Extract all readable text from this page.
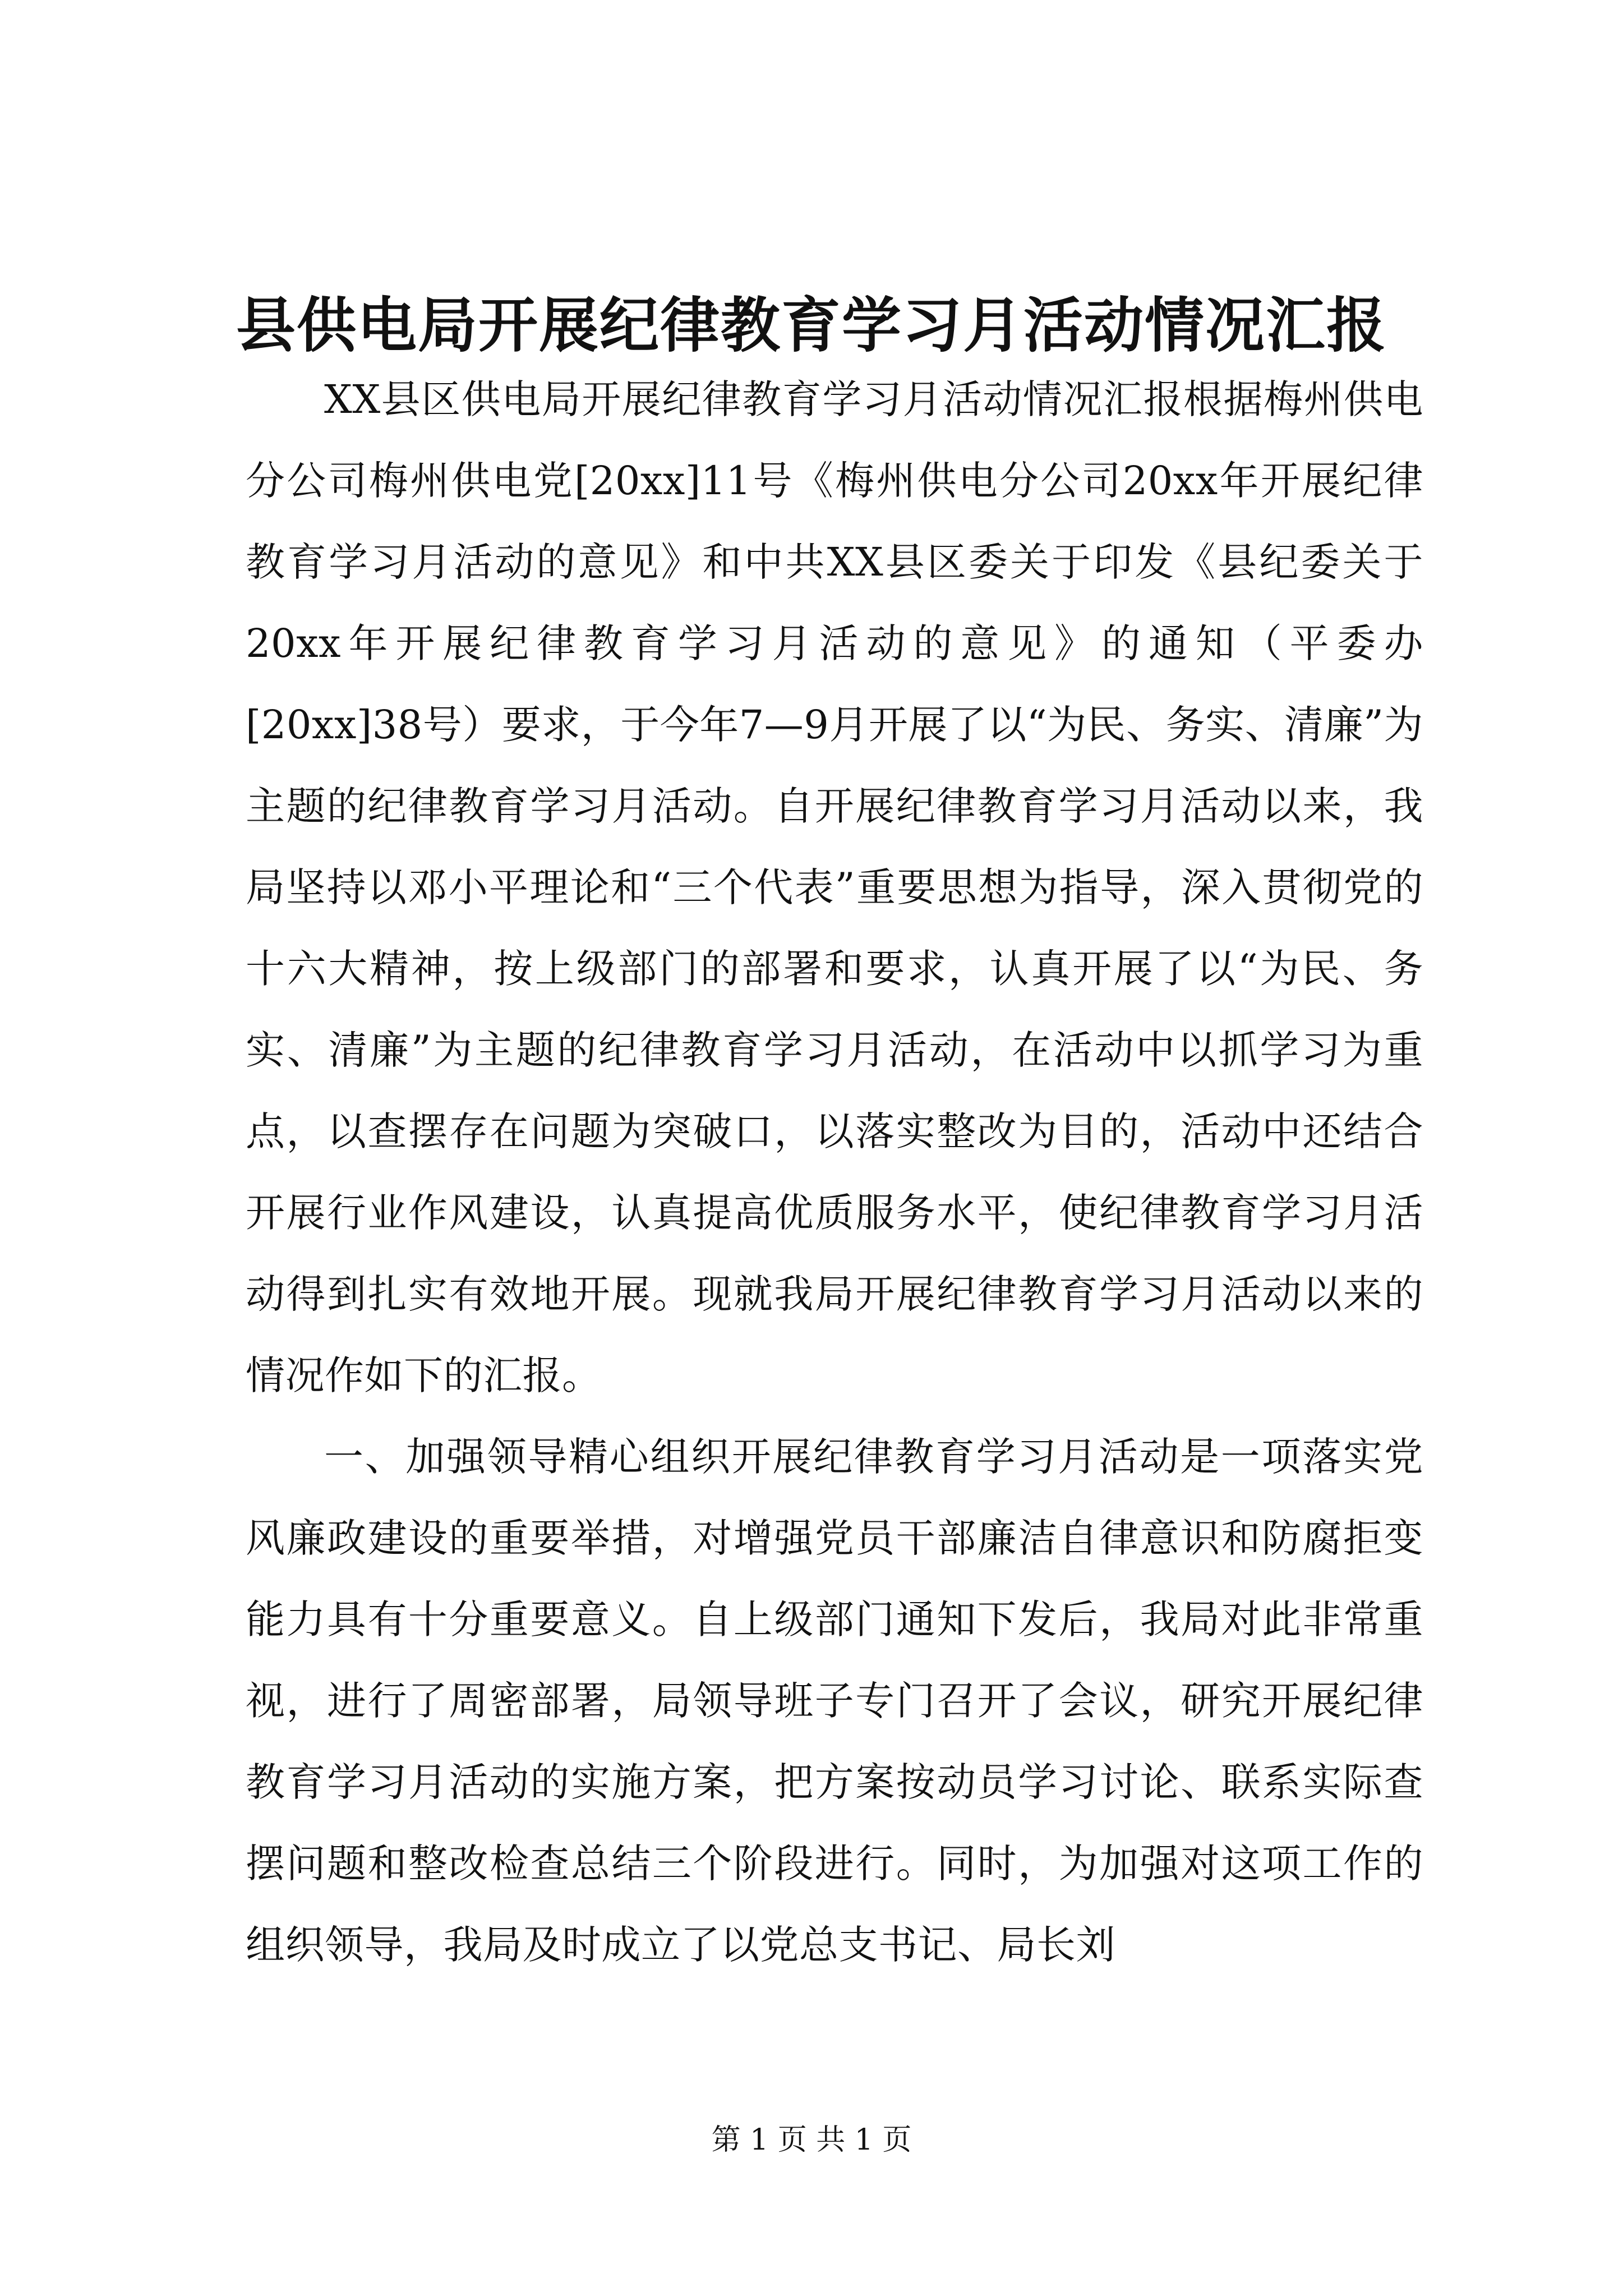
县供电局开展纪律教育学习月活动情况汇报

XX县区供电局开展纪律教育学习月活动情况汇报根据梅州供电分公司梅州供电党[20xx]11号《梅州供电分公司20xx年开展纪律教育学习月活动的意见》和中共XX县区委关于印发《县纪委关于20xx年开展纪律教育学习月活动的意见》的通知（平委办[20xx]38号）要求，于今年7—9月开展了以“为民、务实、清廉”为主题的纪律教育学习月活动。自开展纪律教育学习月活动以来，我局坚持以邓小平理论和“三个代表”重要思想为指导，深入贯彻党的十六大精神，按上级部门的部署和要求，认真开展了以“为民、务实、清廉”为主题的纪律教育学习月活动，在活动中以抓学习为重点，以查摆存在问题为突破口，以落实整改为目的，活动中还结合开展行业作风建设，认真提高优质服务水平，使纪律教育学习月活动得到扎实有效地开展。现就我局开展纪律教育学习月活动以来的情况作如下的汇报。

一、加强领导精心组织开展纪律教育学习月活动是一项落实党风廉政建设的重要举措，对增强党员干部廉洁自律意识和防腐拒变能力具有十分重要意义。自上级部门通知下发后，我局对此非常重视，进行了周密部署，局领导班子专门召开了会议，研究开展纪律教育学习月活动的实施方案，把方案按动员学习讨论、联系实际查摆问题和整改检查总结三个阶段进行。同时，为加强对这项工作的组织领导，我局及时成立了以党总支书记、局长刘

第 1 页 共 1 页
